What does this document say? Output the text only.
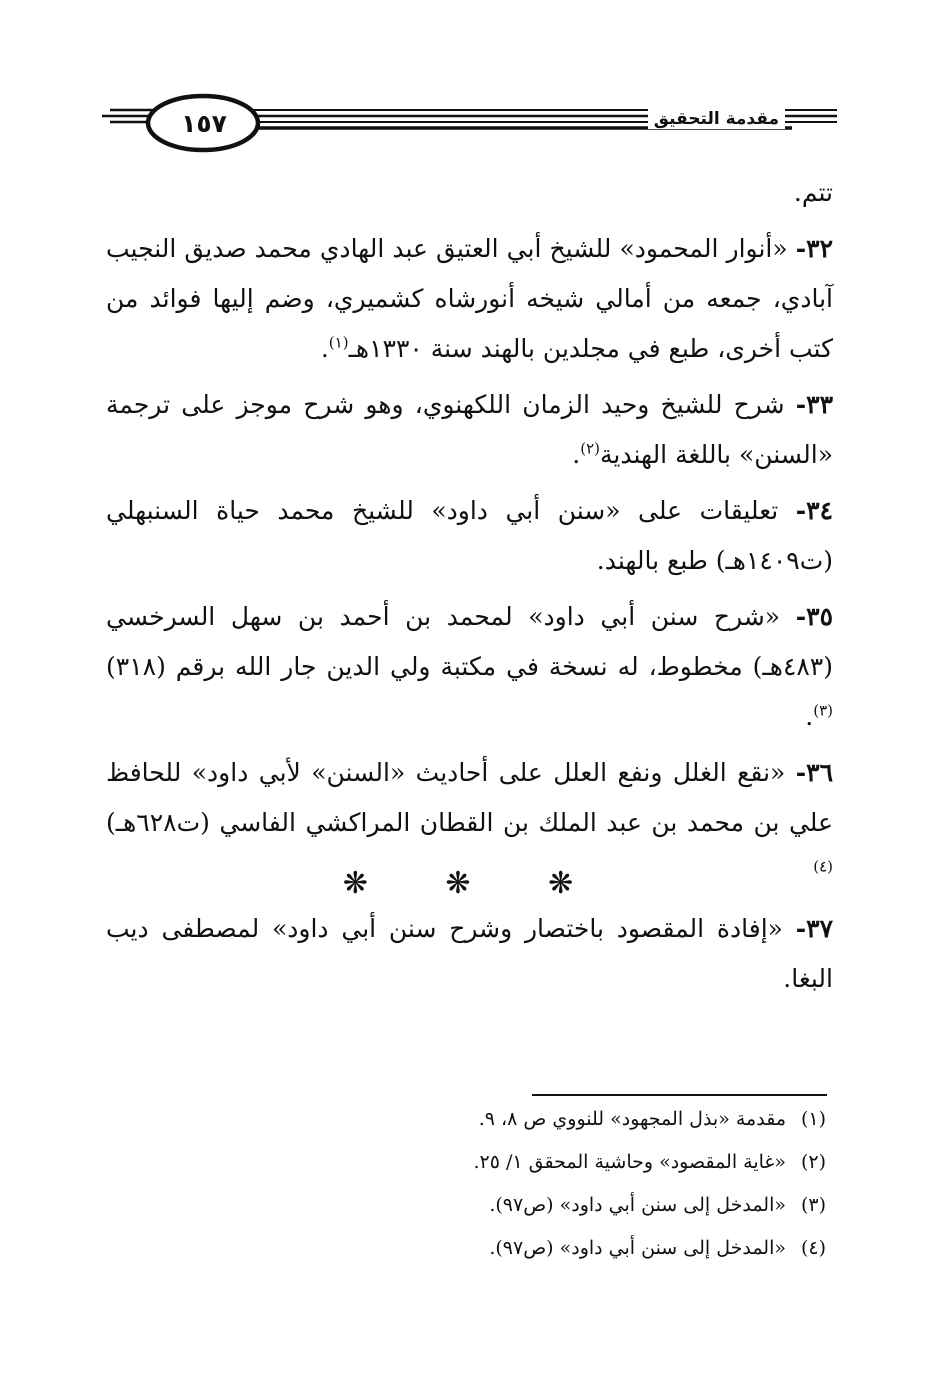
مقدمة التحقيق
١٥٧

تتم.

٣٢- «أنوار المحمود» للشيخ أبي العتيق عبد الهادي محمد صديق النجيب آبادي، جمعه من أمالي شيخه أنورشاه كشميري، وضم إليها فوائد من كتب أخرى، طبع في مجلدين بالهند سنة ١٣٣٠هـ$^{(١)}$.

٣٣- شرح للشيخ وحيد الزمان اللكهنوي، وهو شرح موجز على ترجمة «السنن» باللغة الهندية$^{(٢)}$.

٣٤- تعليقات على «سنن أبي داود» للشيخ محمد حياة السنبهلي (ت١٤٠٩هـ) طبع بالهند.

٣٥- «شرح سنن أبي داود» لمحمد بن أحمد بن سهل السرخسي (٤٨٣هـ) مخطوط، له نسخة في مكتبة ولي الدين جار الله برقم (٣١٨)$^{(٣)}$.

٣٦- «نقع الغلل ونفع العلل على أحاديث «السنن» لأبي داود» للحافظ علي بن محمد بن عبد الملك بن القطان المراكشي الفاسي (ت٦٢٨هـ)$^{(٤)}$

٣٧- «إفادة المقصود باختصار وشرح سنن أبي داود» لمصطفى ديب البغا.

❋ ❋ ❋
(١)
مقدمة «بذل المجهود» للنووي ص ٨، ٩.
(٢)
«غاية المقصود» وحاشية المحقق ١/ ٢٥.
(٣)
«المدخل إلى سنن أبي داود» (ص٩٧).
(٤)
«المدخل إلى سنن أبي داود» (ص٩٧).
